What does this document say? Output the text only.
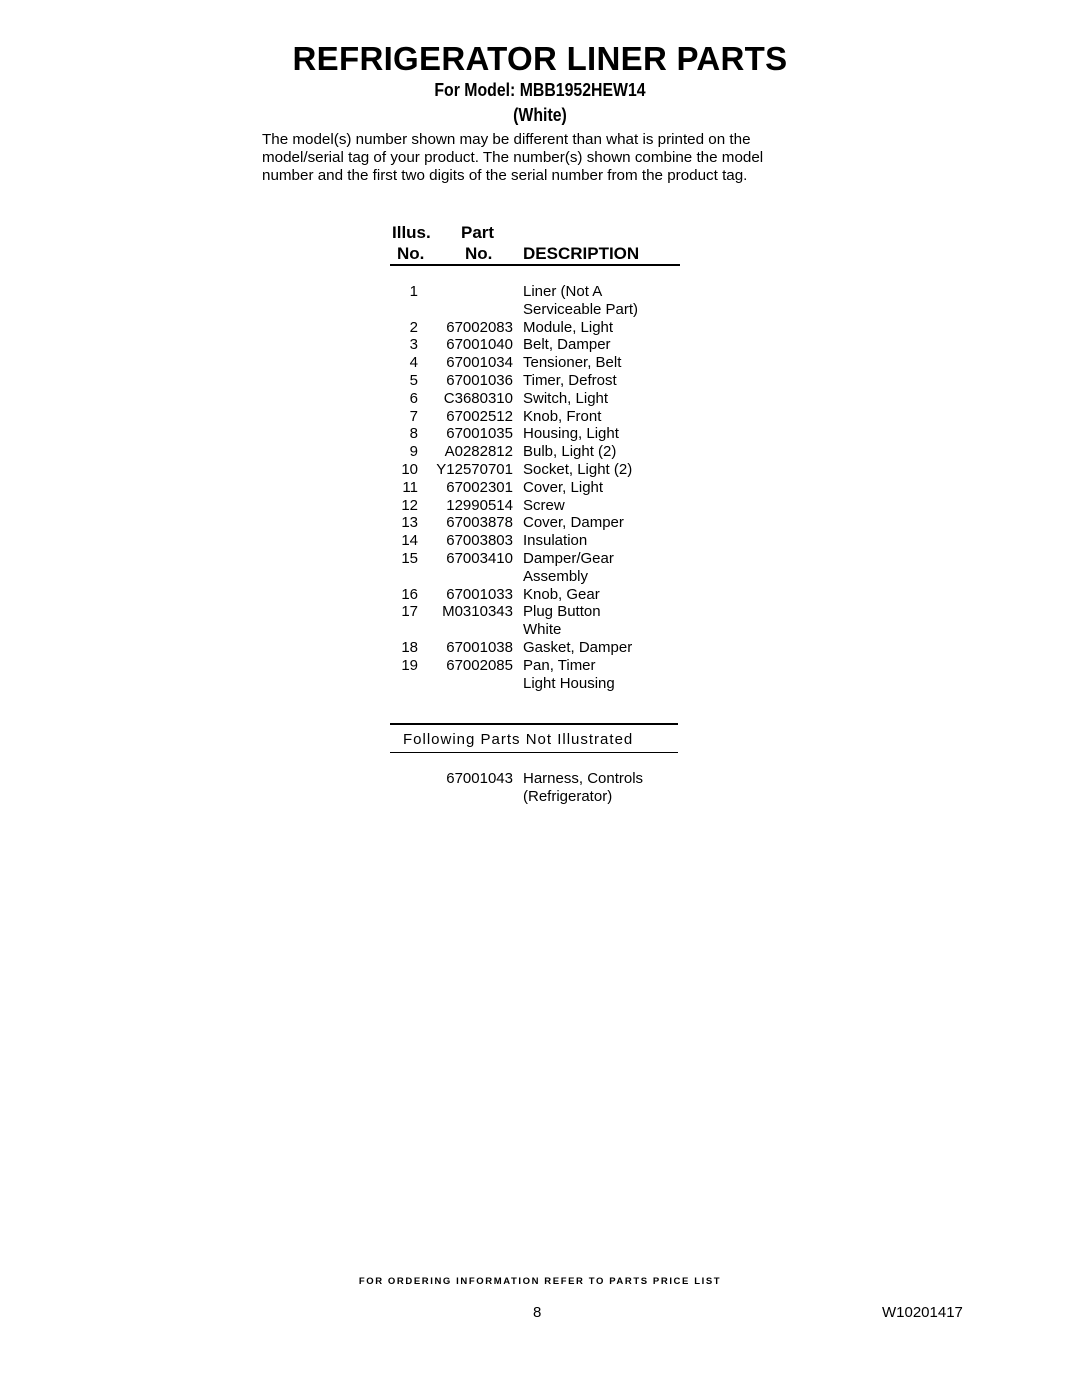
REFRIGERATOR LINER PARTS
For Model: MBB1952HEW14
(White)

The model(s) number shown may be different than what is printed on the
model/serial tag of your product. The number(s) shown combine the model
number and the first two digits of the serial number from the product tag.

Illus.
No.
Part
No. DESCRIPTION
1	Liner (Not A
Serviceable Part)
2 67002083 Module, Light
3 67001040 Belt, Damper
4 67001034 Tensioner, Belt
5 67001036 Timer, Defrost
6 C3680310 Switch, Light
7 67002512 Knob, Front
8 67001035 Housing, Light
9 A0282812 Bulb, Light (2)
10 Y12570701 Socket, Light (2)
11 67002301 Cover, Light
12 12990514 Screw
13 67003878 Cover, Damper
14 67003803 Insulation
15 67003410 Damper/Gear
Assembly
16 67001033 Knob, Gear
17 M0310343 Plug Button
White
18 67001038 Gasket, Damper
19 67002085 Pan, Timer
Light Housing
Following Parts Not Illustrated
67001043 Harness, Controls
(Refrigerator)
FOR ORDERING INFORMATION REFER TO PARTS PRICE LIST
8	W10201417
